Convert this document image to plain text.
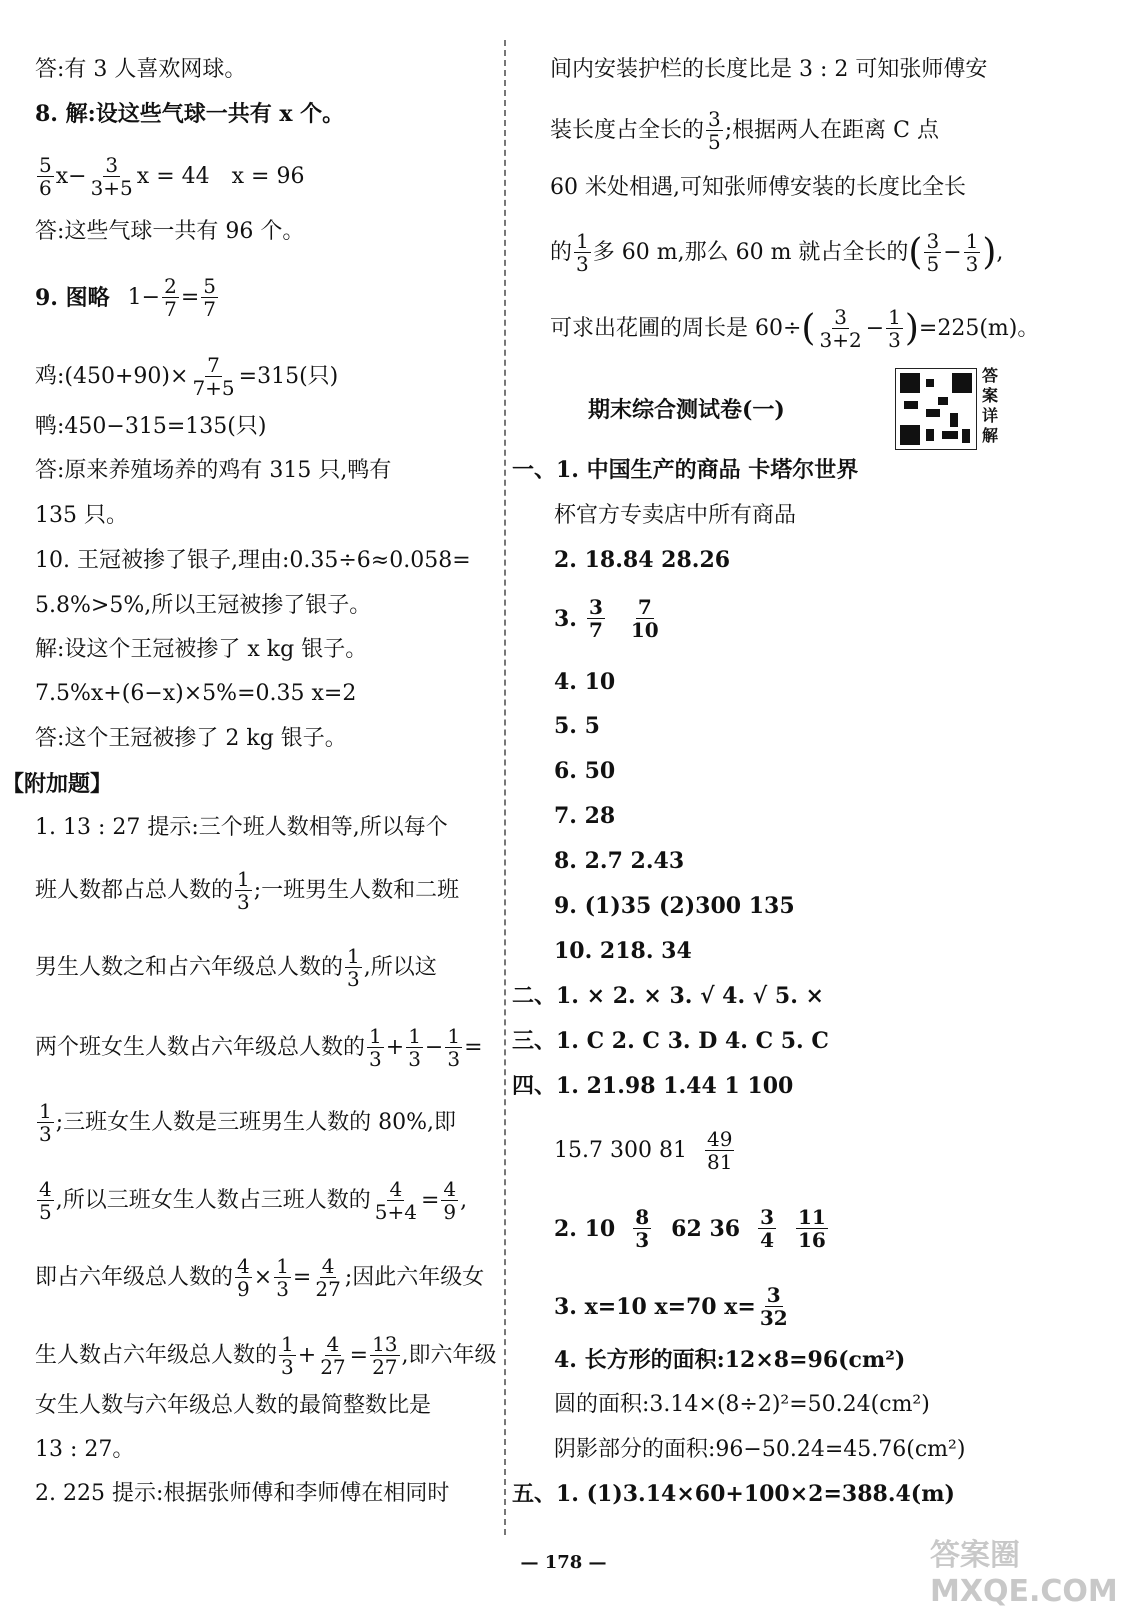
答:有 3 人喜欢网球。
8. 解:设这些气球一共有 x 个。
$\frac{5}{6} x- \frac{3}{3+5}$ x = 44 x = 96
答:这些气球一共有 96 个。
9. 图略 $1- \frac{2}{7} = \frac{5}{7}$
鸡:(450+90)× $\frac{7}{7+5} =315$(只)
鸭:450−315=135(只)
答:原来养殖场养的鸡有 315 只,鸭有
135 只。
10. 王冠被掺了银子,理由:0.35÷6≈0.058=
5.8%>5%,所以王冠被掺了银子。
解:设这个王冠被掺了 x kg 银子。
7.5%x+(6−x)×5%=0.35 x=2
答:这个王冠被掺了 2 kg 银子。
【附加题】
1. 13 : 27 提示:三个班人数相等,所以每个
班人数都占总人数的 $\frac{1}{3}$ ;一班男生人数和二班
男生人数之和占六年级总人数的 $\frac{1}{3}$ ,所以这
两个班女生人数占六年级总人数的 $\frac{1}{3} + \frac{1}{3} - \frac{1}{3}$ =
$\frac{1}{3}$ ;三班女生人数是三班男生人数的 80%,即
$\frac{4}{5}$ ,所以三班女生人数占三班人数的 $\frac{4}{5+4} = \frac{4}{9}$ ,
即占六年级总人数的 $\frac{4}{9} \times \frac{1}{3} = \frac{4}{27}$ ;因此六年级女
生人数占六年级总人数的 $\frac{1}{3} + \frac{4}{27} = \frac{13}{27}$ ,即六年级
女生人数与六年级总人数的最简整数比是
13 : 27。
2. 225 提示:根据张师傅和李师傅在相同时
间内安装护栏的长度比是 3 : 2 可知张师傅安
装长度占全长的 $\frac{3}{5}$ ;根据两人在距离 C 点
60 米处相遇,可知张师傅安装的长度比全长
的 $\frac{1}{3}$ 多 60 m,那么 60 m 就占全长的 ( $\frac{3}{5} - \frac{1}{3}$ ) ,
可求出花圃的周长是 60÷ ( $\frac{3}{3+2} - \frac{1}{3}$ ) =225(m)。
期末综合测试卷(一)
答案详解
一、1. 中国生产的商品 卡塔尔世界
杯官方专卖店中所有商品
2. 18.84 28.26
3. $\frac{3}{7} \frac{7}{10}$
4. 10
5. 5
6. 50
7. 28
8. 2.7 2.43
9. (1)35 (2)300 135
10. 218. 34
二、1. × 2. × 3. √ 4. √ 5. ×
三、1. C 2. C 3. D 4. C 5. C
四、1. 21.98 1.44 1 100
15.7 300 $81 \frac{49}{81}$
2. $10 \frac{8}{3} 62$ $36 \frac{3}{4} \frac{11}{16}$
3. x=10 x=70 $x= \frac{3}{32}$
4. 长方形的面积:12×8=96(cm²)
圆的面积:3.14×(8÷2)²=50.24(cm²)
阴影部分的面积:96−50.24=45.76(cm²)
五、1. (1)3.14×60+100×2=388.4(m)
— 178 —	答案圈 MXQE.COM
